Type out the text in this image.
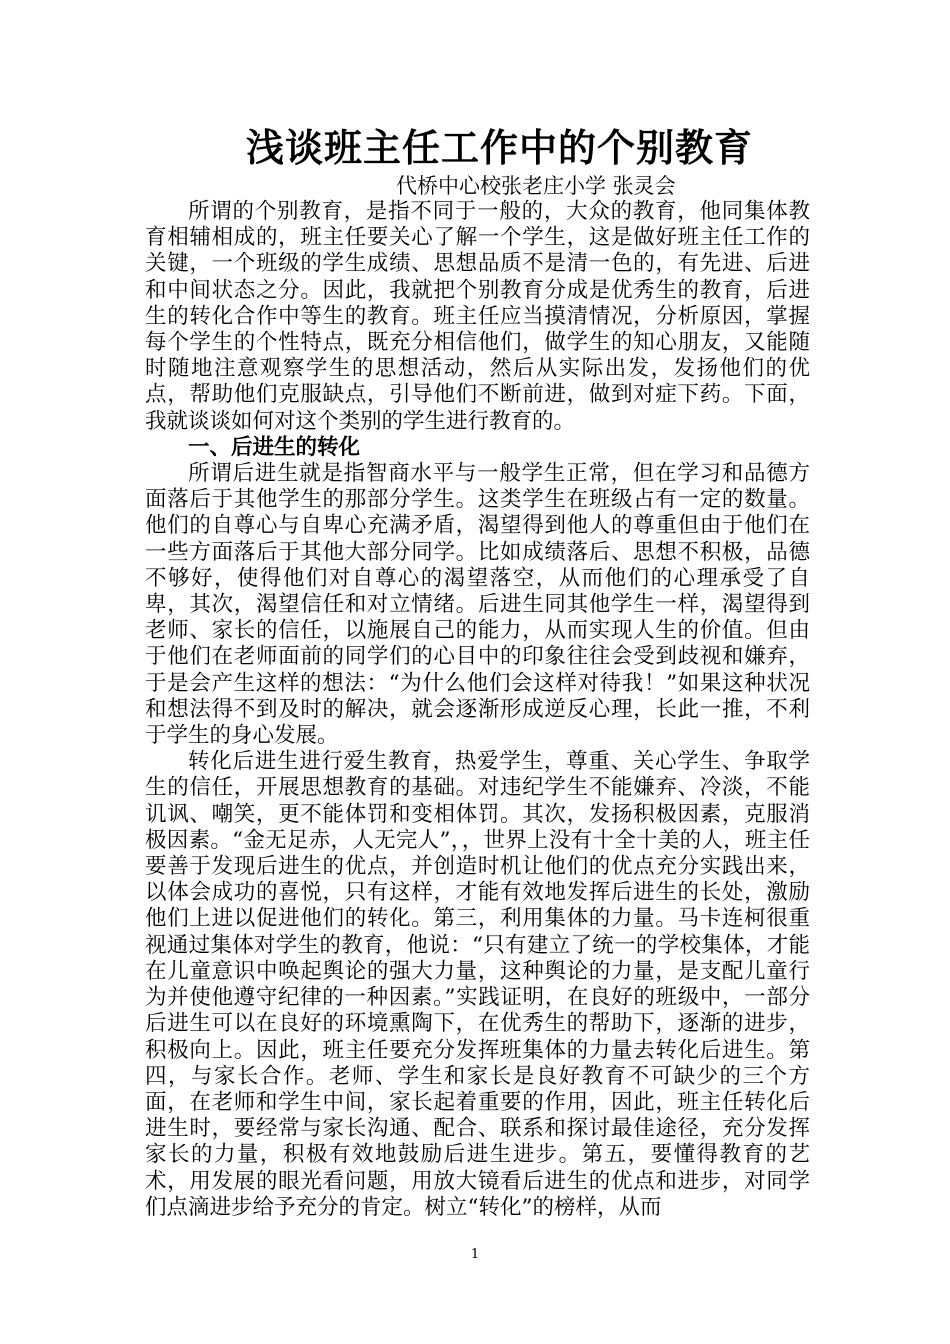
浅谈班主任工作中的个别教育
代桥中心校张老庄小学 张灵会

所谓的个别教育，是指不同于一般的，大众的教育，他同集体教育相辅相成的，班主任要关心了解一个学生，这是做好班主任工作的关键，一个班级的学生成绩、思想品质不是清一色的，有先进、后进和中间状态之分。因此，我就把个别教育分成是优秀生的教育，后进生的转化合作中等生的教育。班主任应当摸清情况，分析原因，掌握每个学生的个性特点，既充分相信他们，做学生的知心朋友，又能随时随地注意观察学生的思想活动，然后从实际出发，发扬他们的优点，帮助他们克服缺点，引导他们不断前进，做到对症下药。下面，我就谈谈如何对这个类别的学生进行教育的。

一、后进生的转化

所谓后进生就是指智商水平与一般学生正常，但在学习和品德方面落后于其他学生的那部分学生。这类学生在班级占有一定的数量。他们的自尊心与自卑心充满矛盾，渴望得到他人的尊重但由于他们在一些方面落后于其他大部分同学。比如成绩落后、思想不积极，品德不够好，使得他们对自尊心的渴望落空，从而他们的心理承受了自卑，其次，渴望信任和对立情绪。后进生同其他学生一样，渴望得到老师、家长的信任，以施展自己的能力，从而实现人生的价值。但由于他们在老师面前的同学们的心目中的印象往往会受到歧视和嫌弃，于是会产生这样的想法：“为什么他们会这样对待我！”如果这种状况和想法得不到及时的解决，就会逐渐形成逆反心理，长此一推，不利于学生的身心发展。

转化后进生进行爱生教育，热爱学生，尊重、关心学生、争取学生的信任，开展思想教育的基础。对违纪学生不能嫌弃、冷淡，不能讥讽、嘲笑，更不能体罚和变相体罚。其次，发扬积极因素，克服消极因素。“金无足赤，人无完人”，，世界上没有十全十美的人，班主任要善于发现后进生的优点，并创造时机让他们的优点充分实践出来，以体会成功的喜悦，只有这样，才能有效地发挥后进生的长处，激励他们上进以促进他们的转化。第三，利用集体的力量。马卡连柯很重视通过集体对学生的教育，他说：“只有建立了统一的学校集体，才能在儿童意识中唤起舆论的强大力量，这种舆论的力量，是支配儿童行为并使他遵守纪律的一种因素。”实践证明，在良好的班级中，一部分后进生可以在良好的环境熏陶下，在优秀生的帮助下，逐渐的进步，积极向上。因此，班主任要充分发挥班集体的力量去转化后进生。第四，与家长合作。老师、学生和家长是良好教育不可缺少的三个方面，在老师和学生中间，家长起着重要的作用，因此，班主任转化后进生时，要经常与家长沟通、配合、联系和探讨最佳途径，充分发挥家长的力量，积极有效地鼓励后进生进步。第五，要懂得教育的艺术，用发展的眼光看问题，用放大镜看后进生的优点和进步，对同学们点滴进步给予充分的肯定。树立“转化”的榜样，从而

1
